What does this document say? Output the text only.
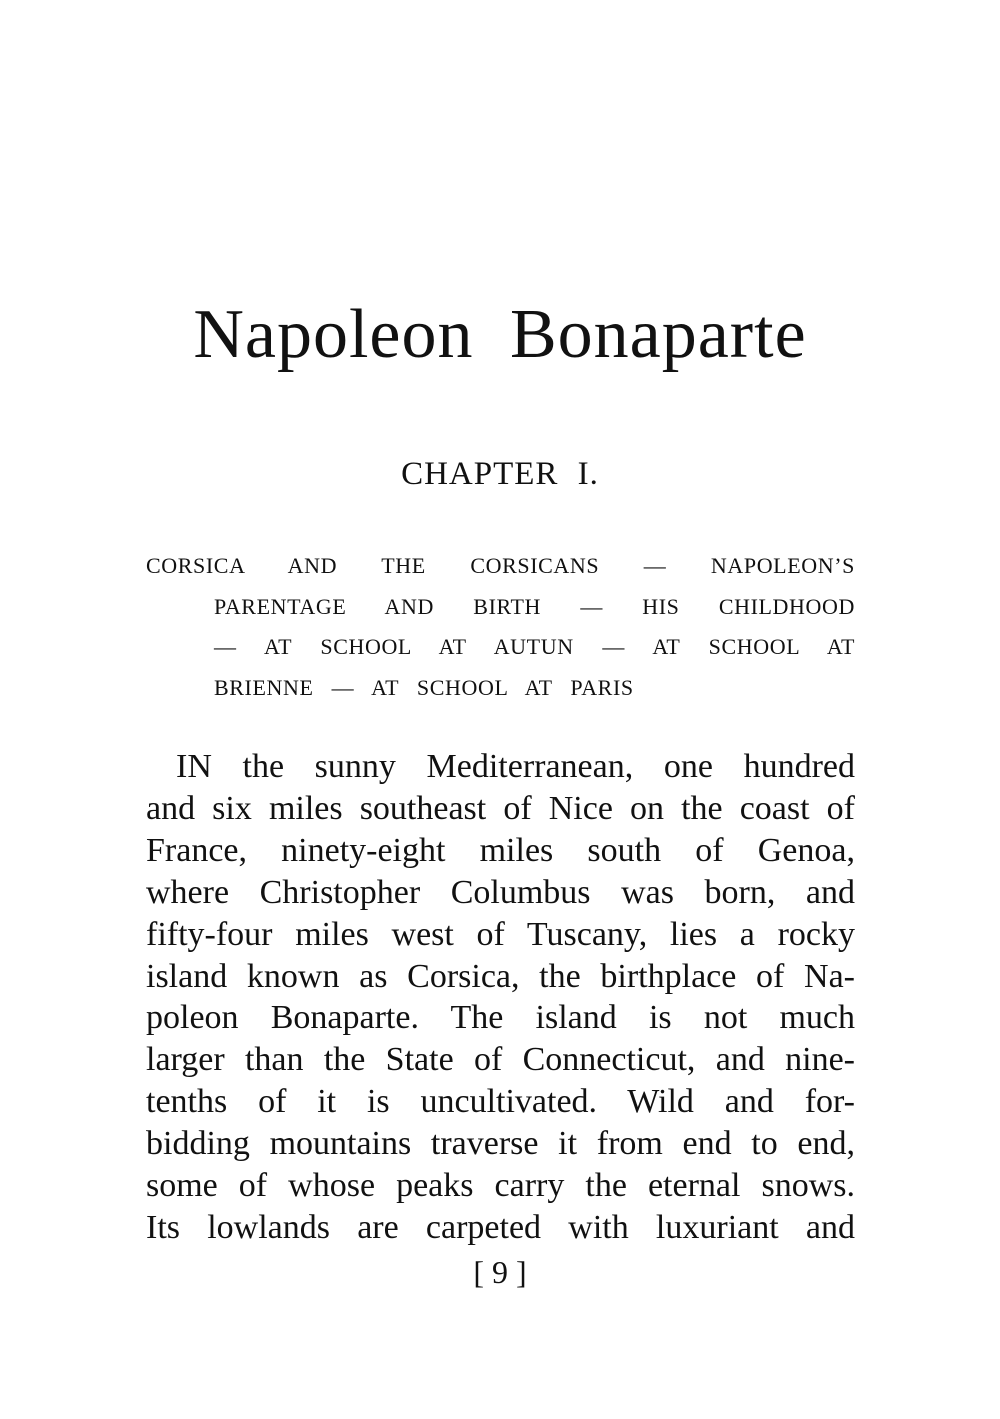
Napoleon Bonaparte
CHAPTER I.
CORSICA AND THE CORSICANS — NAPOLEON’S
PARENTAGE AND BIRTH — HIS CHILDHOOD
— AT SCHOOL AT AUTUN — AT SCHOOL AT
BRIENNE — AT SCHOOL AT PARIS
IN the sunny Mediterranean, one hundred
and six miles southeast of Nice on the coast of
France, ninety-eight miles south of Genoa,
where Christopher Columbus was born, and
fifty-four miles west of Tuscany, lies a rocky
island known as Corsica, the birthplace of Na-
poleon Bonaparte. The island is not much
larger than the State of Connecticut, and nine-
tenths of it is uncultivated. Wild and for-
bidding mountains traverse it from end to end,
some of whose peaks carry the eternal snows.
Its lowlands are carpeted with luxuriant and
[ 9 ]
